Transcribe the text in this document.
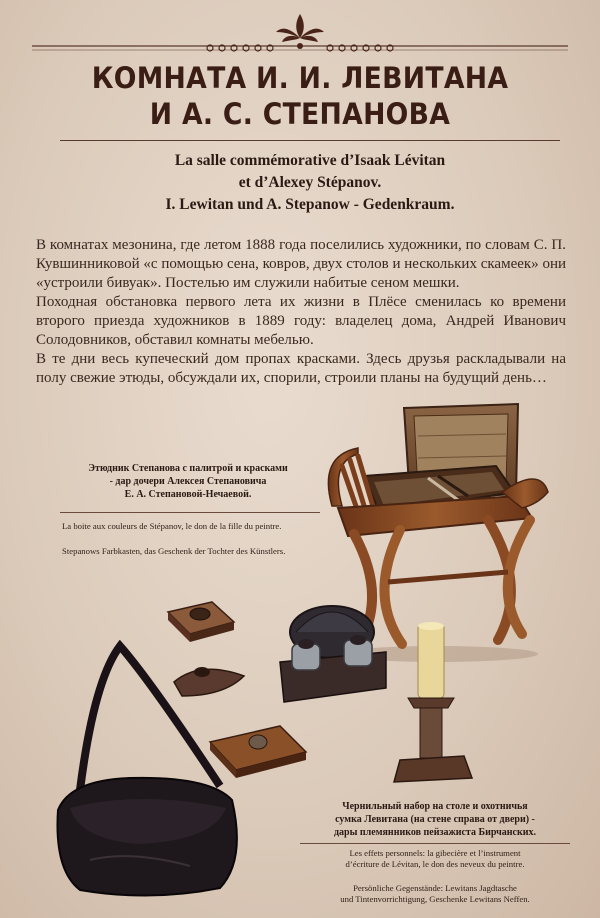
КОМНАТА И. И. ЛЕВИТАНА
И А. С. СТЕПАНОВА
La salle commémorative d’Isaak Lévitan
et d’Alexey Stépanov.
I. Lewitan und A. Stepanow - Gedenkraum.

В комнатах мезонина, где летом 1888 года поселились художники, по словам С. П. Кувшинниковой «с помощью сена, ковров, двух столов и нескольких скамеек» они «устроили бивуак». Постелью им служили набитые сеном мешки.

Походная обстановка первого лета их жизни в Плёсе сменилась ко времени второго приезда художников в 1889 году: владелец дома, Андрей Иванович Солодовников, обставил комнаты мебелью.

В те дни весь купеческий дом пропах красками. Здесь друзья раскладывали на полу свежие этюды, обсуждали их, спорили, строили планы на будущий день…

Этюдник Степанова с палитрой и красками
- дар дочери Алексея Степановича
Е. А. Степановой-Нечаевой.
La boite aux couleurs de Stépanov, le don de la fille du peintre.
Stepanows Farbkasten, das Geschenk der Tochter des Künstlers.
Чернильный набор на столе и охотничья
сумка Левитана (на стене справа от двери) -
дары племянников пейзажиста Бирчанских.
Les effets personnels: la gibecière et l’instrument
d’écriture de Lévitan, le don des neveux du peintre.
Persönliche Gegenstände: Lewitans Jagdtasche
und Tintenvorrichtigung, Geschenke Lewitans Neffen.
